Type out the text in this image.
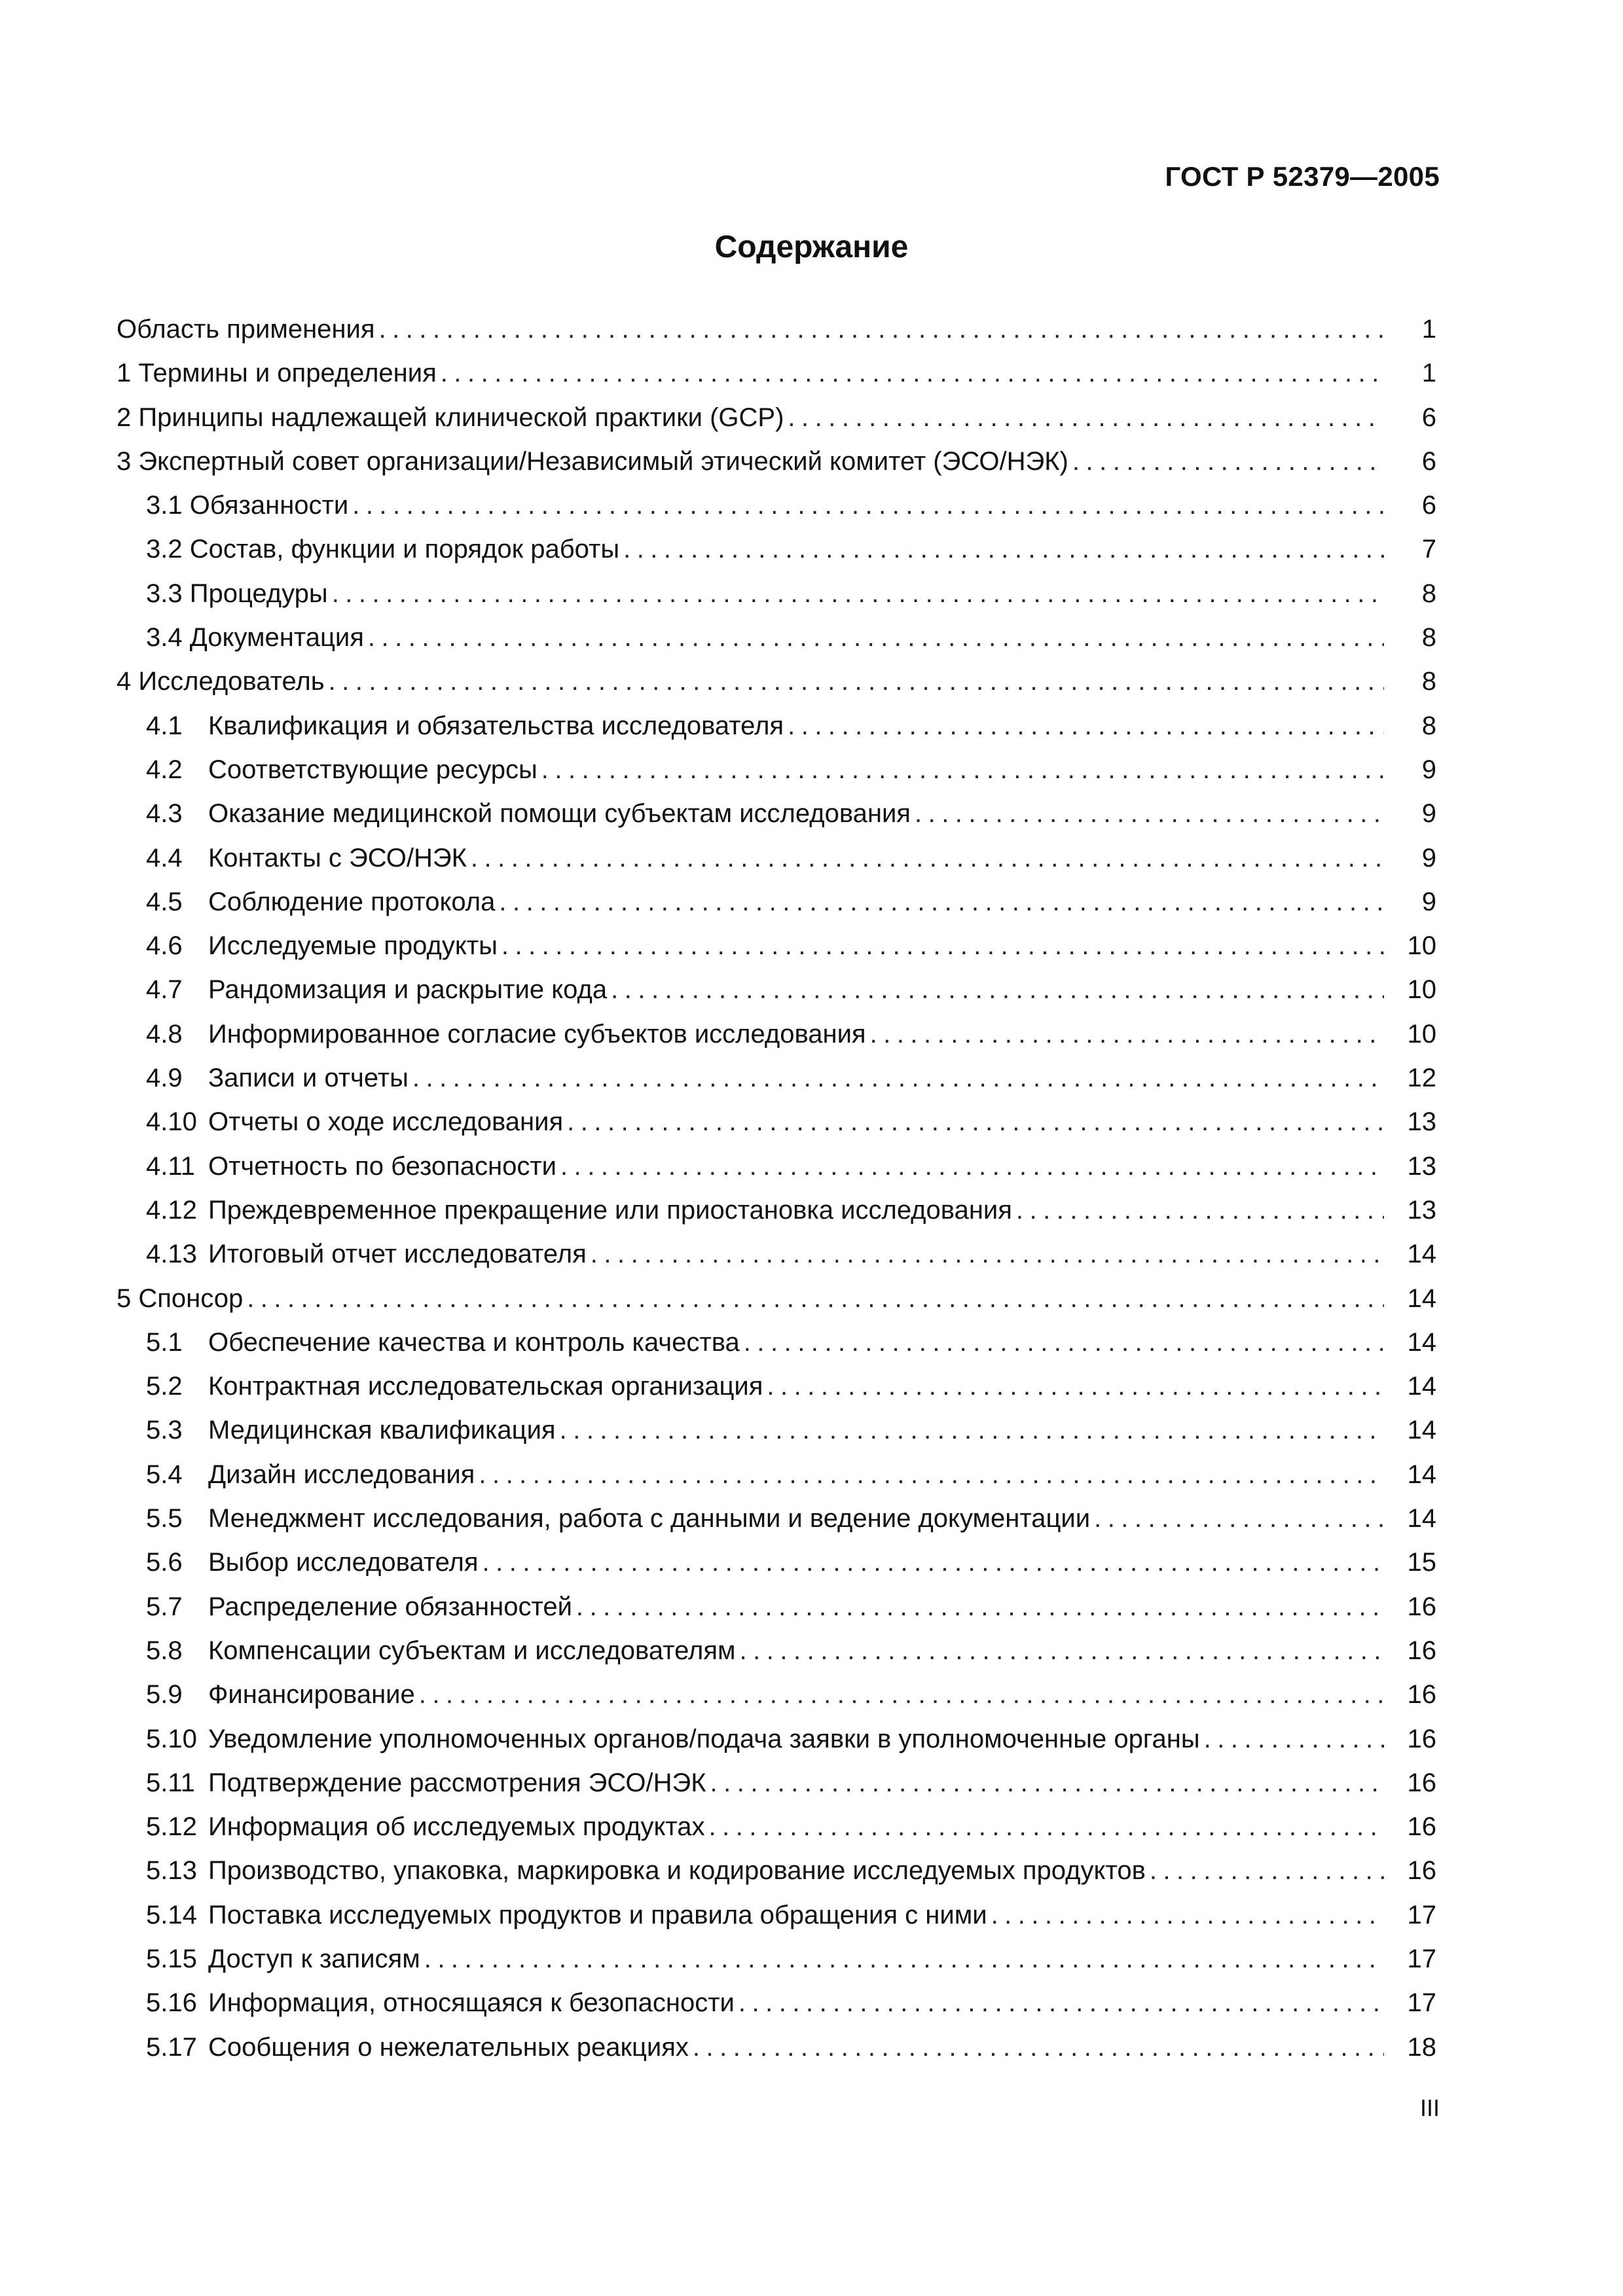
ГОСТ Р 52379—2005
Содержание
Область применения .....	1
1 Термины и определения .....	1
2 Принципы надлежащей клинической практики (GCP) .....	6
3 Экспертный совет организации/Независимый этический комитет (ЭСО/НЭК) .....	6
3.1 Обязанности .....	6
3.2 Состав, функции и порядок работы .....	7
3.3 Процедуры .....	8
3.4 Документация .....	8
4 Исследователь .....	8
4.1 Квалификация и обязательства исследователя .....	8
4.2 Соответствующие ресурсы .....	9
4.3 Оказание медицинской помощи субъектам исследования .....	9
4.4 Контакты с ЭСО/НЭК .....	9
4.5 Соблюдение протокола .....	9
4.6 Исследуемые продукты .....	10
4.7 Рандомизация и раскрытие кода .....	10
4.8 Информированное согласие субъектов исследования .....	10
4.9 Записи и отчеты .....	12
4.10 Отчеты о ходе исследования .....	13
4.11 Отчетность по безопасности .....	13
4.12 Преждевременное прекращение или приостановка исследования .....	13
4.13 Итоговый отчет исследователя .....	14
5 Спонсор .....	14
5.1 Обеспечение качества и контроль качества .....	14
5.2 Контрактная исследовательская организация .....	14
5.3 Медицинская квалификация .....	14
5.4 Дизайн исследования .....	14
5.5 Менеджмент исследования, работа с данными и ведение документации .....	14
5.6 Выбор исследователя .....	15
5.7 Распределение обязанностей .....	16
5.8 Компенсации субъектам и исследователям .....	16
5.9 Финансирование .....	16
5.10 Уведомление уполномоченных органов/подача заявки в уполномоченные органы .....	16
5.11 Подтверждение рассмотрения ЭСО/НЭК .....	16
5.12 Информация об исследуемых продуктах .....	16
5.13 Производство, упаковка, маркировка и кодирование исследуемых продуктов .....	16
5.14 Поставка исследуемых продуктов и правила обращения с ними .....	17
5.15 Доступ к записям .....	17
5.16 Информация, относящаяся к безопасности .....	17
5.17 Сообщения о нежелательных реакциях .....	18
III
